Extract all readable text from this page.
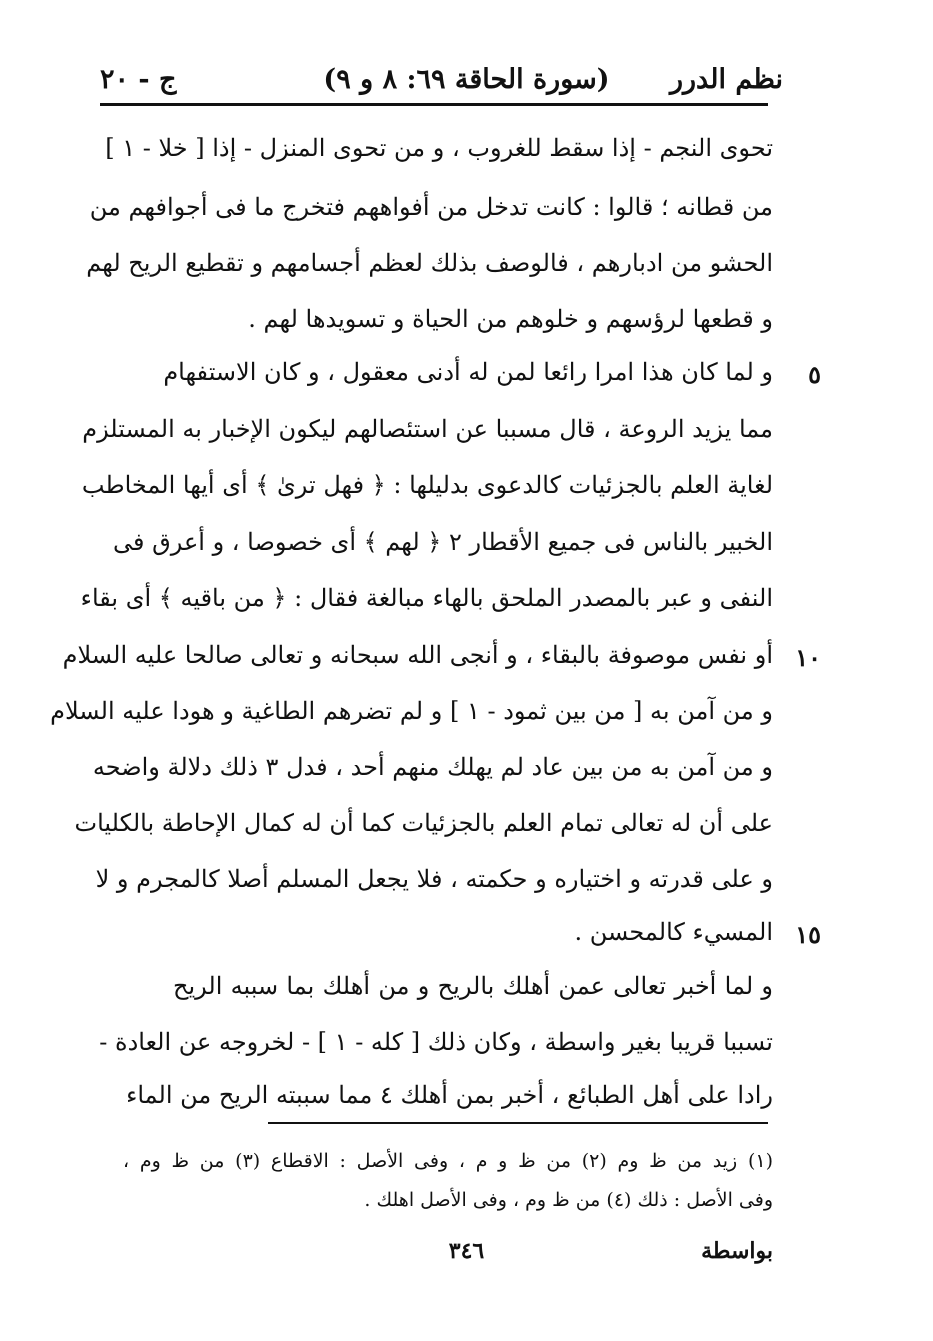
نظم الدرر
(سورة الحاقة ٦٩: ٨ و ٩)
ج - ٢٠
تحوى النجم - إذا سقط للغروب ، و من تحوى المنزل - إذا [ خلا - ١ ]
من قطانه ؛ قالوا : كانت تدخل من أفواههم فتخرج ما فى أجوافهم من
الحشو من ادبارهم ، فالوصف بذلك لعظم أجسامهم و تقطيع الريح لهم
و قطعها لرؤسهم و خلوهم من الحياة و تسويدها لهم .
٥
و لما كان هذا امرا رائعا لمن له أدنى معقول ، و كان الاستفهام
مما يزيد الروعة ، قال مسببا عن استئصالهم ليكون الإخبار به المستلزم
لغاية العلم بالجزئيات كالدعوى بدليلها : ﴿ فهل ترىٰ ﴾ أى أيها المخاطب
الخبير بالناس فى جميع الأقطار ٢ ﴿ لهم ﴾ أى خصوصا ، و أعرق فى
النفى و عبر بالمصدر الملحق بالهاء مبالغة فقال : ﴿ من باقيه ﴾ أى بقاء
١٠
أو نفس موصوفة بالبقاء ، و أنجى الله سبحانه و تعالى صالحا عليه السلام
و من آمن به [ من بين ثمود - ١ ] و لم تضرهم الطاغية و هودا عليه السلام
و من آمن به من بين عاد لم يهلك منهم أحد ، فدل ٣ ذلك دلالة واضحه
على أن له تعالى تمام العلم بالجزئيات كما أن له كمال الإحاطة بالكليات
و على قدرته و اختياره و حكمته ، فلا يجعل المسلم أصلا كالمجرم و لا
١٥
المسيء كالمحسن .
و لما أخبر تعالى عمن أهلك بالريح و من أهلك بما سببه الريح
تسببا قريبا بغير واسطة ، وكان ذلك [ كله - ١ ] - لخروجه عن العادة -
رادا على أهل الطبائع ، أخبر بمن أهلك ٤ مما سببته الريح من الماء
(١) زيد من ظ وم (٢) من ظ و م ، وفى الأصل : الاقطاع (٣) من ظ وم ،
وفى الأصل : ذلك (٤) من ظ وم ، وفى الأصل اهلك .
بواسطة
٣٤٦
